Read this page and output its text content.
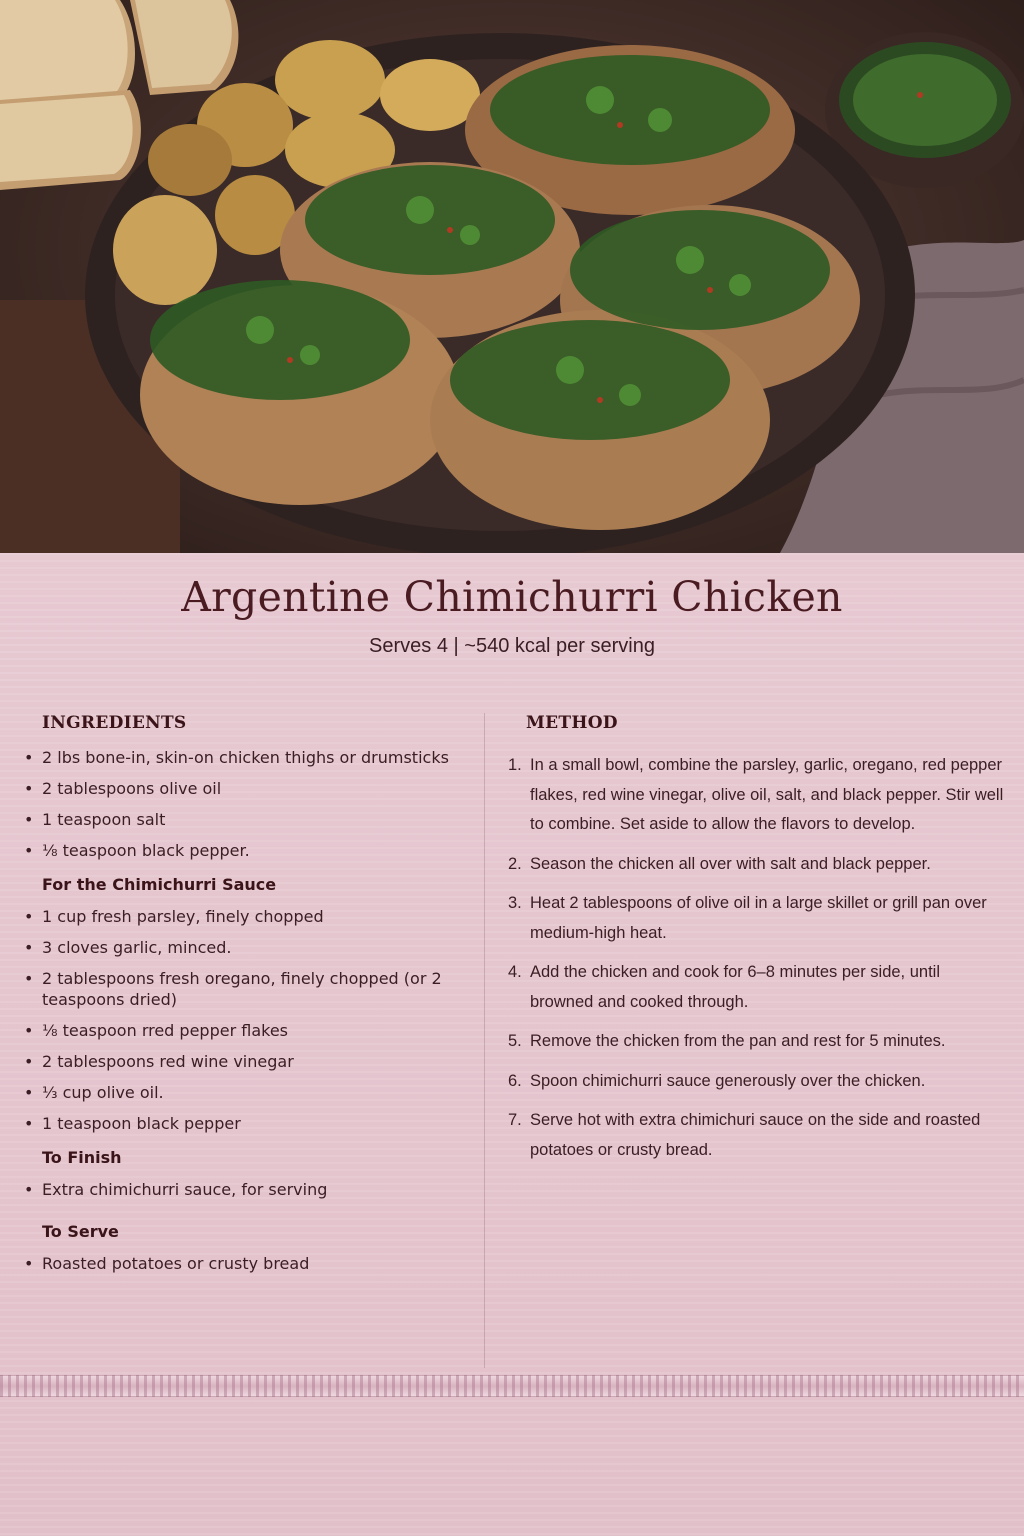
Argentine Chimichurri Chicken
Serves 4 | ~540 kcal per serving
INGREDIENTS
• 2 lbs bone-in, skin-on chicken thighs or drumsticks
• 2 tablespoons olive oil
• 1 teaspoon salt
• ⅛ teaspoon black pepper.
For the Chimichurri Sauce
• 1 cup fresh parsley, finely chopped
• 3 cloves garlic, minced.
• 2 tablespoons fresh oregano, finely chopped (or 2 teaspoons dried)
• ⅛ teaspoon rred pepper flakes
• 2 tablespoons red wine vinegar
• ⅓ cup olive oil.
• 1 teaspoon black pepper
To Finish
• Extra chimichurri sauce, for serving
To Serve
• Roasted potatoes or crusty bread
METHOD
1. In a small bowl, combine the parsley, garlic, oregano, red pepper flakes, red wine vinegar, olive oil, salt, and black pepper. Stir well to combine. Set aside to allow the flavors to develop.
2. Season the chicken all over with salt and black pepper.
3. Heat 2 tablespoons of olive oil in a large skillet or grill pan over medium-high heat.
4. Add the chicken and cook for 6–8 minutes per side, until browned and cooked through.
5. Remove the chicken from the pan and rest for 5 minutes.
6. Spoon chimichurri sauce generously over the chicken.
7. Serve hot with extra chimichuri sauce on the side and roasted potatoes or crusty bread.
